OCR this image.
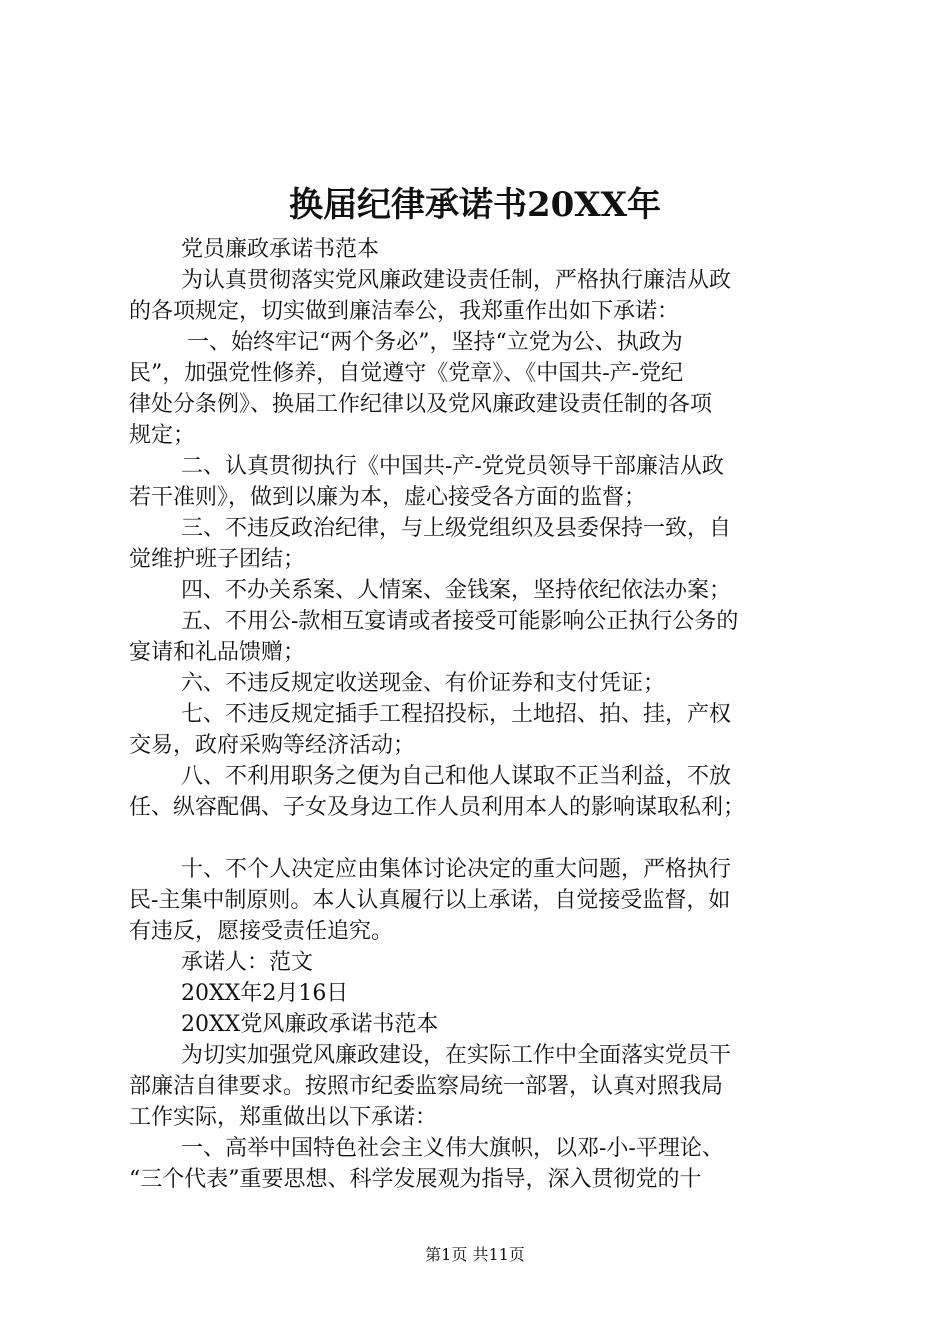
换届纪律承诺书20XX年
党员廉政承诺书范本
为认真贯彻落实党风廉政建设责任制，严格执行廉洁从政
的各项规定，切实做到廉洁奉公，我郑重作出如下承诺：
一、始终牢记“两个务必”，坚持“立党为公、执政为
民”，加强党性修养，自觉遵守《党章》、《中国共-产-党纪
律处分条例》、换届工作纪律以及党风廉政建设责任制的各项
规定；
二、认真贯彻执行《中国共-产-党党员领导干部廉洁从政
若干准则》，做到以廉为本，虚心接受各方面的监督；
三、不违反政治纪律，与上级党组织及县委保持一致，自
觉维护班子团结；
四、不办关系案、人情案、金钱案，坚持依纪依法办案；
五、不用公-款相互宴请或者接受可能影响公正执行公务的
宴请和礼品馈赠；
六、不违反规定收送现金、有价证券和支付凭证；
七、不违反规定插手工程招投标，土地招、拍、挂，产权
交易，政府采购等经济活动；
八、不利用职务之便为自己和他人谋取不正当利益，不放
任、纵容配偶、子女及身边工作人员利用本人的影响谋取私利；
十、不个人决定应由集体讨论决定的重大问题，严格执行
民-主集中制原则。本人认真履行以上承诺，自觉接受监督，如
有违反，愿接受责任追究。
承诺人：范文
20XX年2月16日
20XX党风廉政承诺书范本
为切实加强党风廉政建设，在实际工作中全面落实党员干
部廉洁自律要求。按照市纪委监察局统一部署，认真对照我局
工作实际，郑重做出以下承诺：
一、高举中国特色社会主义伟大旗帜，以邓-小-平理论、
“三个代表”重要思想、科学发展观为指导，深入贯彻党的十
第1页 共11页
